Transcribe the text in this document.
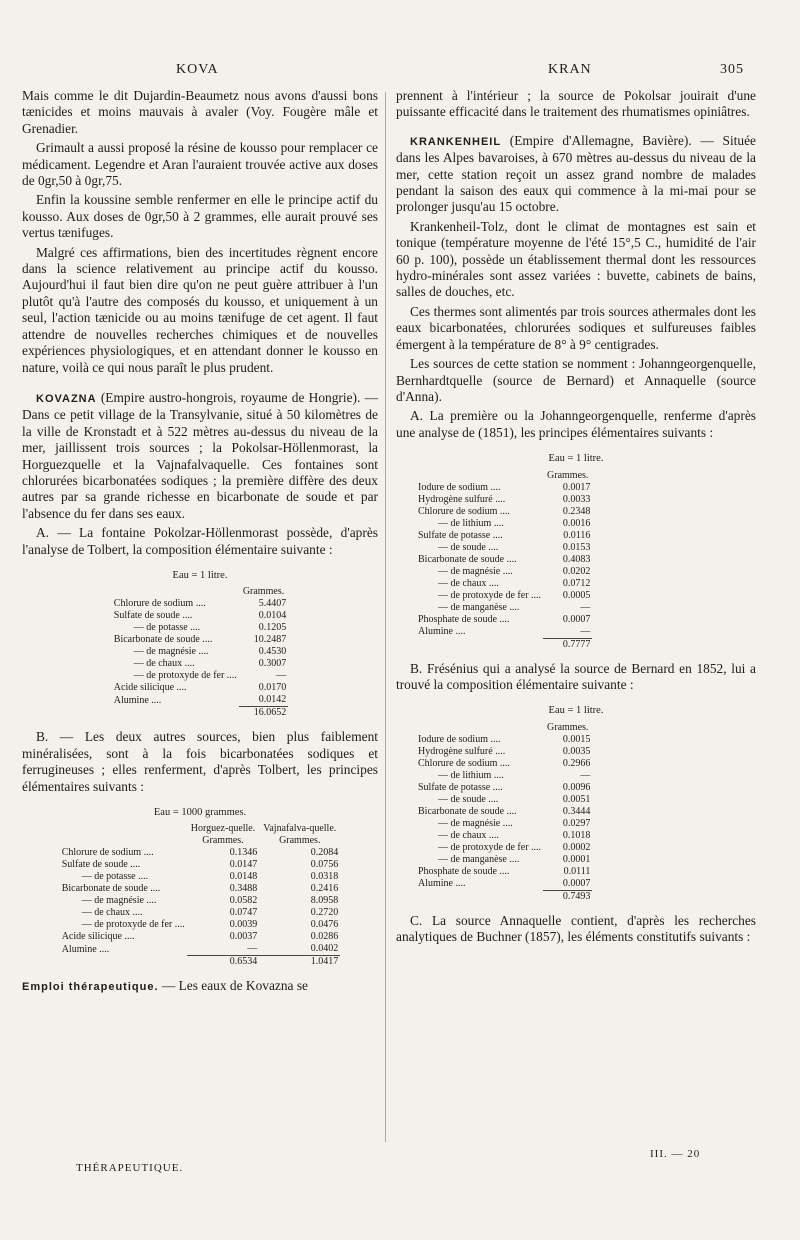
KOVA	KRAN	305

Mais comme le dit Dujardin-Beaumetz nous avons d'aussi bons tænicides et moins mauvais à avaler (Voy. Fougère mâle et Grenadier.

Grimault a aussi proposé la résine de kousso pour remplacer ce médicament. Legendre et Aran l'auraient trouvée active aux doses de 0gr,50 à 0gr,75.

Enfin la koussine semble renfermer en elle le principe actif du kousso. Aux doses de 0gr,50 à 2 grammes, elle aurait prouvé ses vertus tænifuges.

Malgré ces affirmations, bien des incertitudes règnent encore dans la science relativement au principe actif du kousso. Aujourd'hui il faut bien dire qu'on ne peut guère attribuer à l'un plutôt qu'à l'autre des composés du kousso, et uniquement à un seul, l'action tænicide ou au moins tænifuge de cet agent. Il faut attendre de nouvelles recherches chimiques et de nouvelles expériences physiologiques, et en attendant donner le kousso en nature, voilà ce qui nous paraît le plus prudent.

KOVAZNA (Empire austro-hongrois, royaume de Hongrie). — Dans ce petit village de la Transylvanie, situé à 50 kilomètres de la ville de Kronstadt et à 522 mètres au-dessus du niveau de la mer, jaillissent trois sources ; la Pokolsar-Höllenmorast, la Horguezquelle et la Vajnafalvaquelle. Ces fontaines sont chlorurées bicarbonatées sodiques ; la première diffère des deux autres par sa grande richesse en bicarbonate de soude et par l'absence du fer dans ses eaux.

A. — La fontaine Pokolzar-Höllenmorast possède, d'après l'analyse de Tolbert, la composition élémentaire suivante :

Eau = 1 litre.
	Grammes.
Chlorure de sodium ....	5.4407
Sulfate de soude ....	0.0104
— de potasse ....	0.1205
Bicarbonate de soude ....	10.2487
— de magnésie ....	0.4530
— de chaux ....	0.3007
— de protoxyde de fer ....	—
Acide silicique ....	0.0170
Alumine ....	0.0142
	16.0652

B. — Les deux autres sources, bien plus faiblement minéralisées, sont à la fois bicarbonatées sodiques et ferrugineuses ; elles renferment, d'après Tolbert, les principes élémentaires suivants :

Eau = 1000 grammes.
	Horguez-quelle.	Vajnafalva-quelle.
	Grammes.	Grammes.
Chlorure de sodium ....	0.1346	0.2084
Sulfate de soude ....	0.0147	0.0756
— de potasse ....	0.0148	0.0318
Bicarbonate de soude ....	0.3488	0.2416
— de magnésie ....	0.0582	8.0958
— de chaux ....	0.0747	0.2720
— de protoxyde de fer ....	0.0039	0.0476
Acide silicique ....	0.0037	0.0286
Alumine ....	—	0.0402
	0.6534	1.0417

Emploi thérapeutique. — Les eaux de Kovazna se

THÉRAPEUTIQUE.

prennent à l'intérieur ; la source de Pokolsar jouirait d'une puissante efficacité dans le traitement des rhumatismes opiniâtres.

KRANKENHEIL (Empire d'Allemagne, Bavière). — Située dans les Alpes bavaroises, à 670 mètres au-dessus du niveau de la mer, cette station reçoit un assez grand nombre de malades pendant la saison des eaux qui commence à la mi-mai pour se prolonger jusqu'au 15 octobre.

Krankenheil-Tolz, dont le climat de montagnes est sain et tonique (température moyenne de l'été 15°,5 C., humidité de l'air 60 p. 100), possède un établissement thermal dont les ressources hydro-minérales sont assez variées : buvette, cabinets de bains, salles de douches, etc.

Ces thermes sont alimentés par trois sources athermales dont les eaux bicarbonatées, chlorurées sodiques et sulfureuses faibles émergent à la température de 8° à 9° centigrades.

Les sources de cette station se nomment : Johanngeorgenquelle, Bernhardtquelle (source de Bernard) et Annaquelle (source d'Anna).

A. La première ou la Johanngeorgenquelle, renferme d'après une analyse de (1851), les principes élémentaires suivants :

Eau = 1 litre.
	Grammes.
Iodure de sodium ....	0.0017
Hydrogène sulfuré ....	0.0033
Chlorure de sodium ....	0.2348
— de lithium ....	0.0016
Sulfate de potasse ....	0.0116
— de soude ....	0.0153
Bicarbonate de soude ....	0.4083
— de magnésie ....	0.0202
— de chaux ....	0.0712
— de protoxyde de fer ....	0.0005
— de manganèse ....	—
Phosphate de soude ....	0.0007
Alumine ....	—
	0.7777

B. Frésénius qui a analysé la source de Bernard en 1852, lui a trouvé la composition élémentaire suivante :

Eau = 1 litre.
	Grammes.
Iodure de sodium ....	0.0015
Hydrogène sulfuré ....	0.0035
Chlorure de sodium ....	0.2966
— de lithium ....	—
Sulfate de potasse ....	0.0096
— de soude ....	0.0051
Bicarbonate de soude ....	0.3444
— de magnésie ....	0.0297
— de chaux ....	0.1018
— de protoxyde de fer ....	0.0002
— de manganèse ....	0.0001
Phosphate de soude ....	0.0111
Alumine ....	0.0007
	0.7493

C. La source Annaquelle contient, d'après les recherches analytiques de Buchner (1857), les éléments constitutifs suivants :

III. — 20
